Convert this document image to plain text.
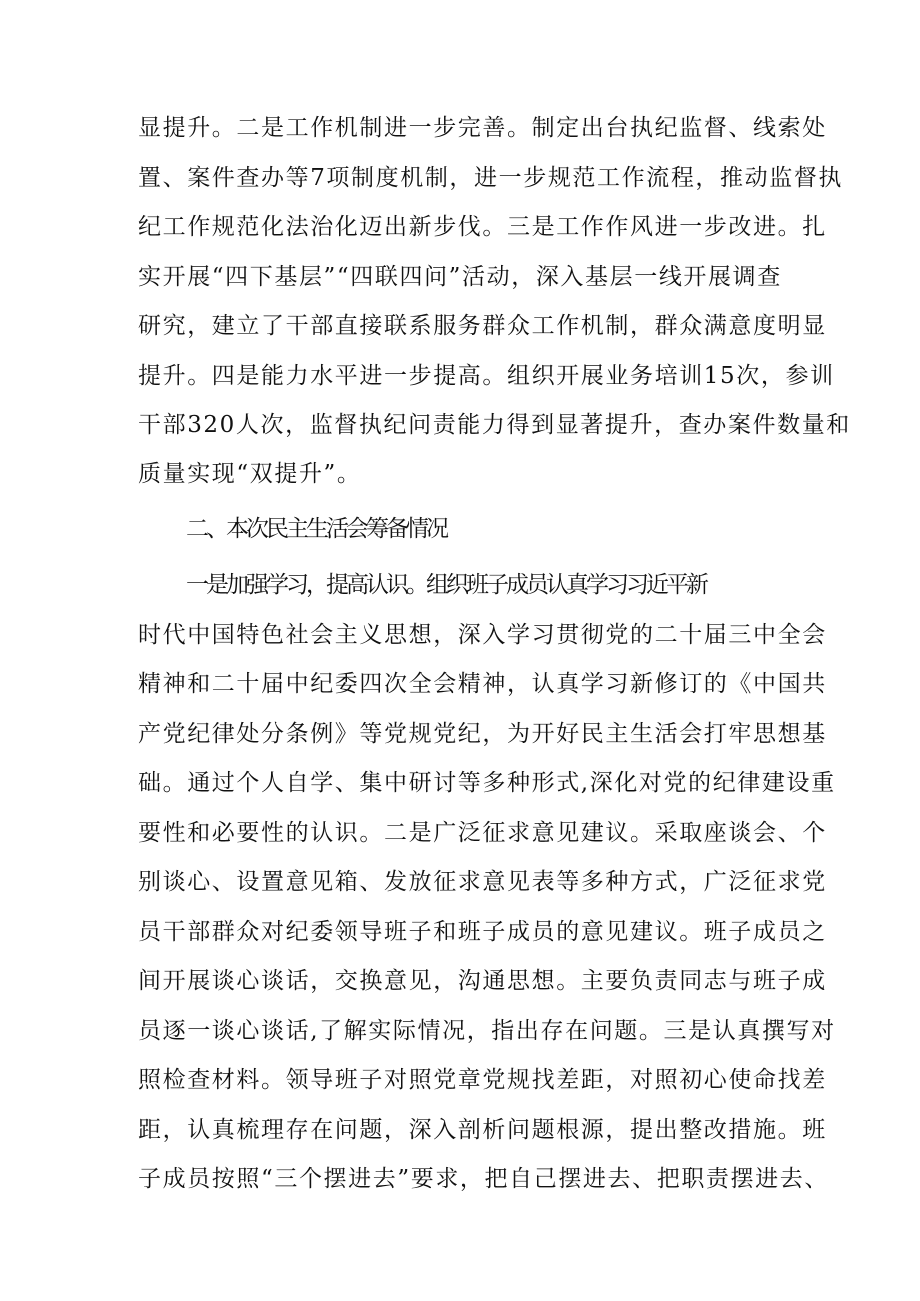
显提升。二是工作机制进一步完善。制定出台执纪监督、线索处
置、案件查办等7项制度机制，进一步规范工作流程，推动监督执
纪工作规范化法治化迈出新步伐。三是工作作风进一步改进。扎
实开展“四下基层”“四联四问”活动，深入基层一线开展调查
研究，建立了干部直接联系服务群众工作机制，群众满意度明显
提升。四是能力水平进一步提高。组织开展业务培训15次，参训
干部320人次，监督执纪问责能力得到显著提升，查办案件数量和
质量实现“双提升”。
二、本次民主生活会筹备情况
一是加强学习，提高认识。组织班子成员认真学习习近平新
时代中国特色社会主义思想，深入学习贯彻党的二十届三中全会
精神和二十届中纪委四次全会精神，认真学习新修订的《中国共
产党纪律处分条例》等党规党纪，为开好民主生活会打牢思想基
础。通过个人自学、集中研讨等多种形式,深化对党的纪律建设重
要性和必要性的认识。二是广泛征求意见建议。采取座谈会、个
别谈心、设置意见箱、发放征求意见表等多种方式，广泛征求党
员干部群众对纪委领导班子和班子成员的意见建议。班子成员之
间开展谈心谈话，交换意见，沟通思想。主要负责同志与班子成
员逐一谈心谈话,了解实际情况，指出存在问题。三是认真撰写对
照检查材料。领导班子对照党章党规找差距，对照初心使命找差
距，认真梳理存在问题，深入剖析问题根源，提出整改措施。班
子成员按照“三个摆进去”要求，把自己摆进去、把职责摆进去、
